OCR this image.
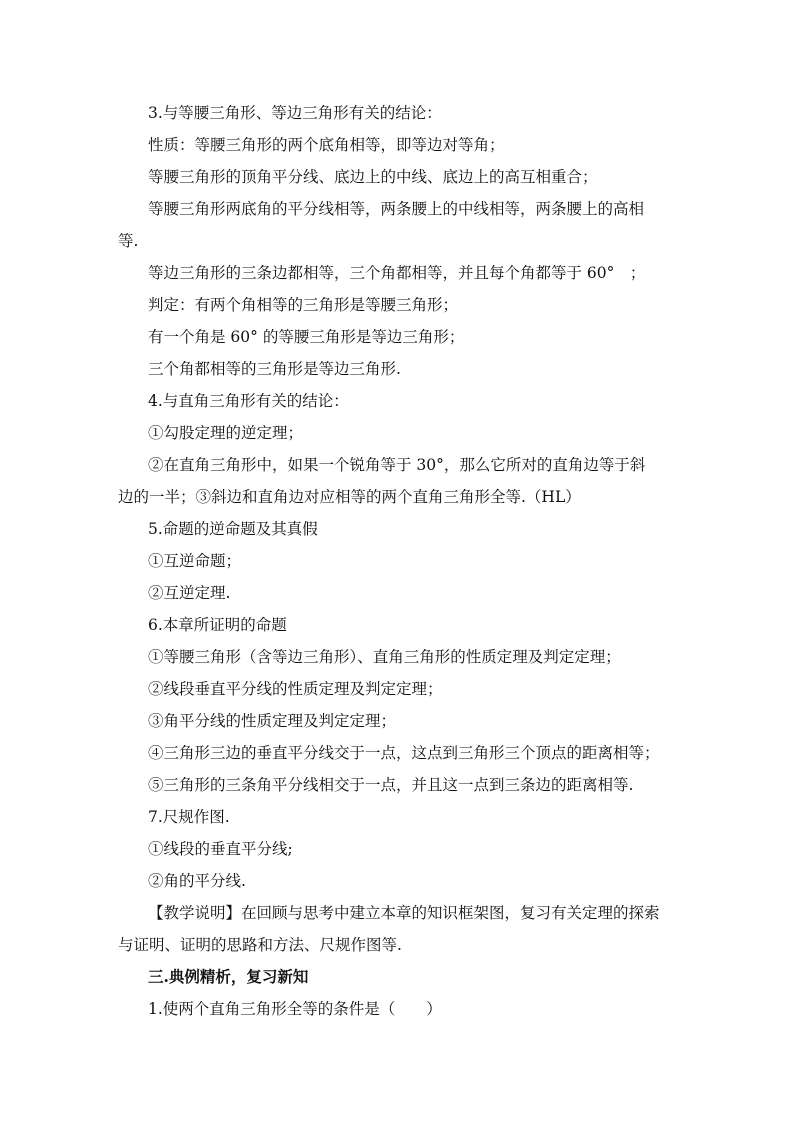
3.与等腰三角形、等边三角形有关的结论：
性质：等腰三角形的两个底角相等，即等边对等角；
等腰三角形的顶角平分线、底边上的中线、底边上的高互相重合；
等腰三角形两底角的平分线相等，两条腰上的中线相等，两条腰上的高相
等.
等边三角形的三条边都相等，三个角都相等，并且每个角都等于 60°　；
判定：有两个角相等的三角形是等腰三角形；
有一个角是 60° 的等腰三角形是等边三角形；
三个角都相等的三角形是等边三角形.
4.与直角三角形有关的结论：
①勾股定理的逆定理；
②在直角三角形中，如果一个锐角等于 30°，那么它所对的直角边等于斜
边的一半；③斜边和直角边对应相等的两个直角三角形全等.（HL）
5.命题的逆命题及其真假
①互逆命题；
②互逆定理.
6.本章所证明的命题
①等腰三角形（含等边三角形）、直角三角形的性质定理及判定定理；
②线段垂直平分线的性质定理及判定定理；
③角平分线的性质定理及判定定理；
④三角形三边的垂直平分线交于一点，这点到三角形三个顶点的距离相等；
⑤三角形的三条角平分线相交于一点，并且这一点到三条边的距离相等.
7.尺规作图.
①线段的垂直平分线;
②角的平分线.
【教学说明】在回顾与思考中建立本章的知识框架图，复习有关定理的探索
与证明、证明的思路和方法、尺规作图等.
三.典例精析，复习新知
1.使两个直角三角形全等的条件是（　　）
